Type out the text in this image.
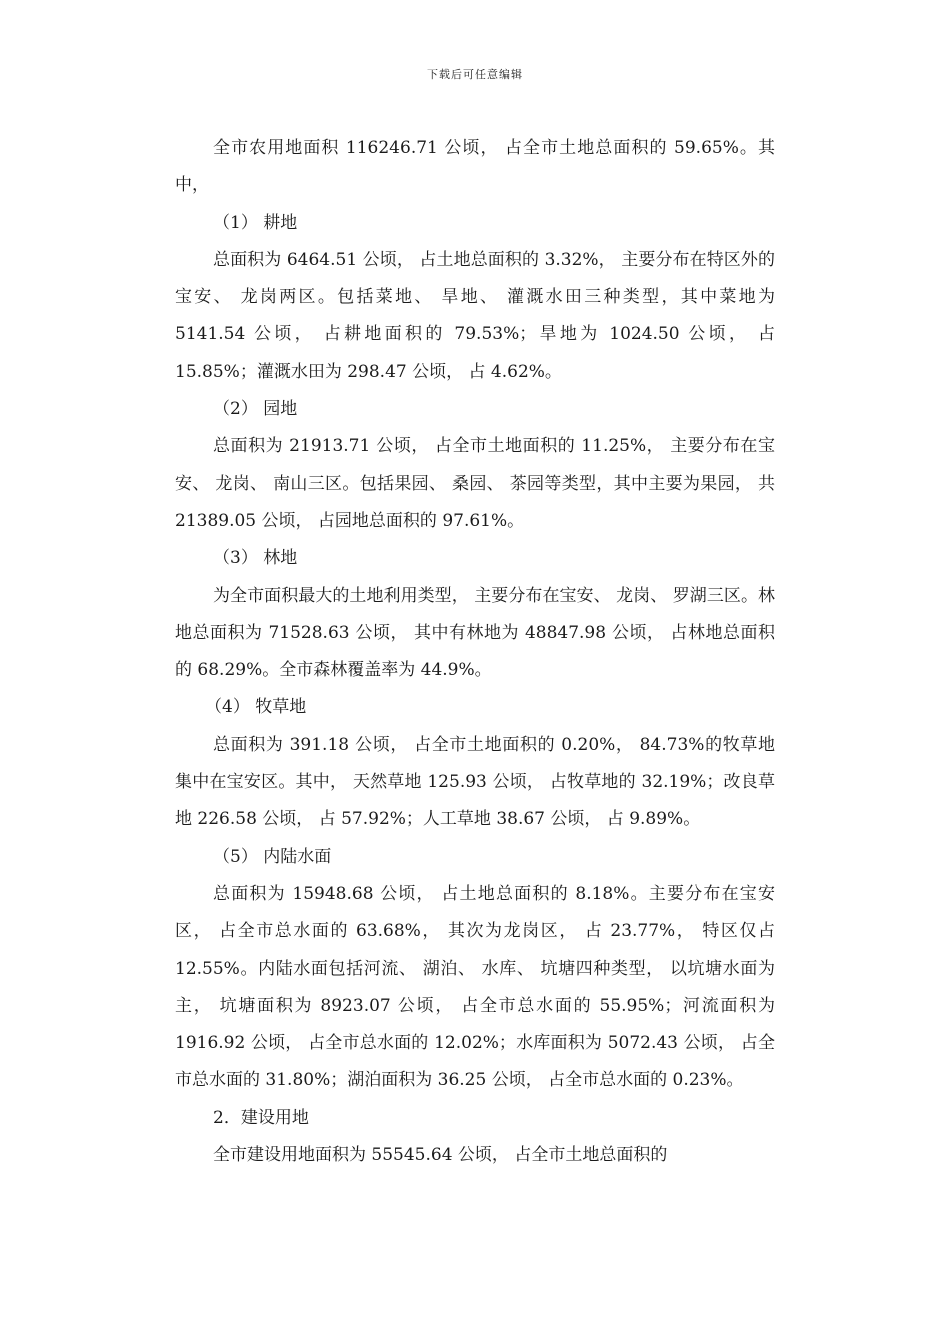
下载后可任意编辑

全市农用地面积 116246.71 公顷， 占全市土地总面积的 59.65%。其中，

（1） 耕地

总面积为 6464.51 公顷， 占土地总面积的 3.32%， 主要分布在特区外的宝安、 龙岗两区。包括菜地、 旱地、 灌溉水田三种类型，其中菜地为 5141.54 公顷， 占耕地面积的 79.53%；旱地为 1024.50 公顷， 占 15.85%；灌溉水田为 298.47 公顷， 占 4.62%。

（2） 园地

总面积为 21913.71 公顷， 占全市土地面积的 11.25%， 主要分布在宝安、 龙岗、 南山三区。包括果园、 桑园、 茶园等类型，其中主要为果园， 共 21389.05 公顷， 占园地总面积的 97.61%。

（3） 林地

为全市面积最大的土地利用类型， 主要分布在宝安、 龙岗、 罗湖三区。林地总面积为 71528.63 公顷， 其中有林地为 48847.98 公顷， 占林地总面积的 68.29%。全市森林覆盖率为 44.9%。

（4） 牧草地

总面积为 391.18 公顷， 占全市土地面积的 0.20%， 84.73%的牧草地集中在宝安区。其中， 天然草地 125.93 公顷， 占牧草地的 32.19%；改良草地 226.58 公顷， 占 57.92%；人工草地 38.67 公顷， 占 9.89%。

（5） 内陆水面

总面积为 15948.68 公顷， 占土地总面积的 8.18%。主要分布在宝安区， 占全市总水面的 63.68%， 其次为龙岗区， 占 23.77%， 特区仅占 12.55%。内陆水面包括河流、 湖泊、 水库、 坑塘四种类型， 以坑塘水面为主， 坑塘面积为 8923.07 公顷， 占全市总水面的 55.95%；河流面积为 1916.92 公顷， 占全市总水面的 12.02%；水库面积为 5072.43 公顷， 占全市总水面的 31.80%；湖泊面积为 36.25 公顷， 占全市总水面的 0.23%。

2．建设用地

全市建设用地面积为 55545.64 公顷， 占全市土地总面积的
